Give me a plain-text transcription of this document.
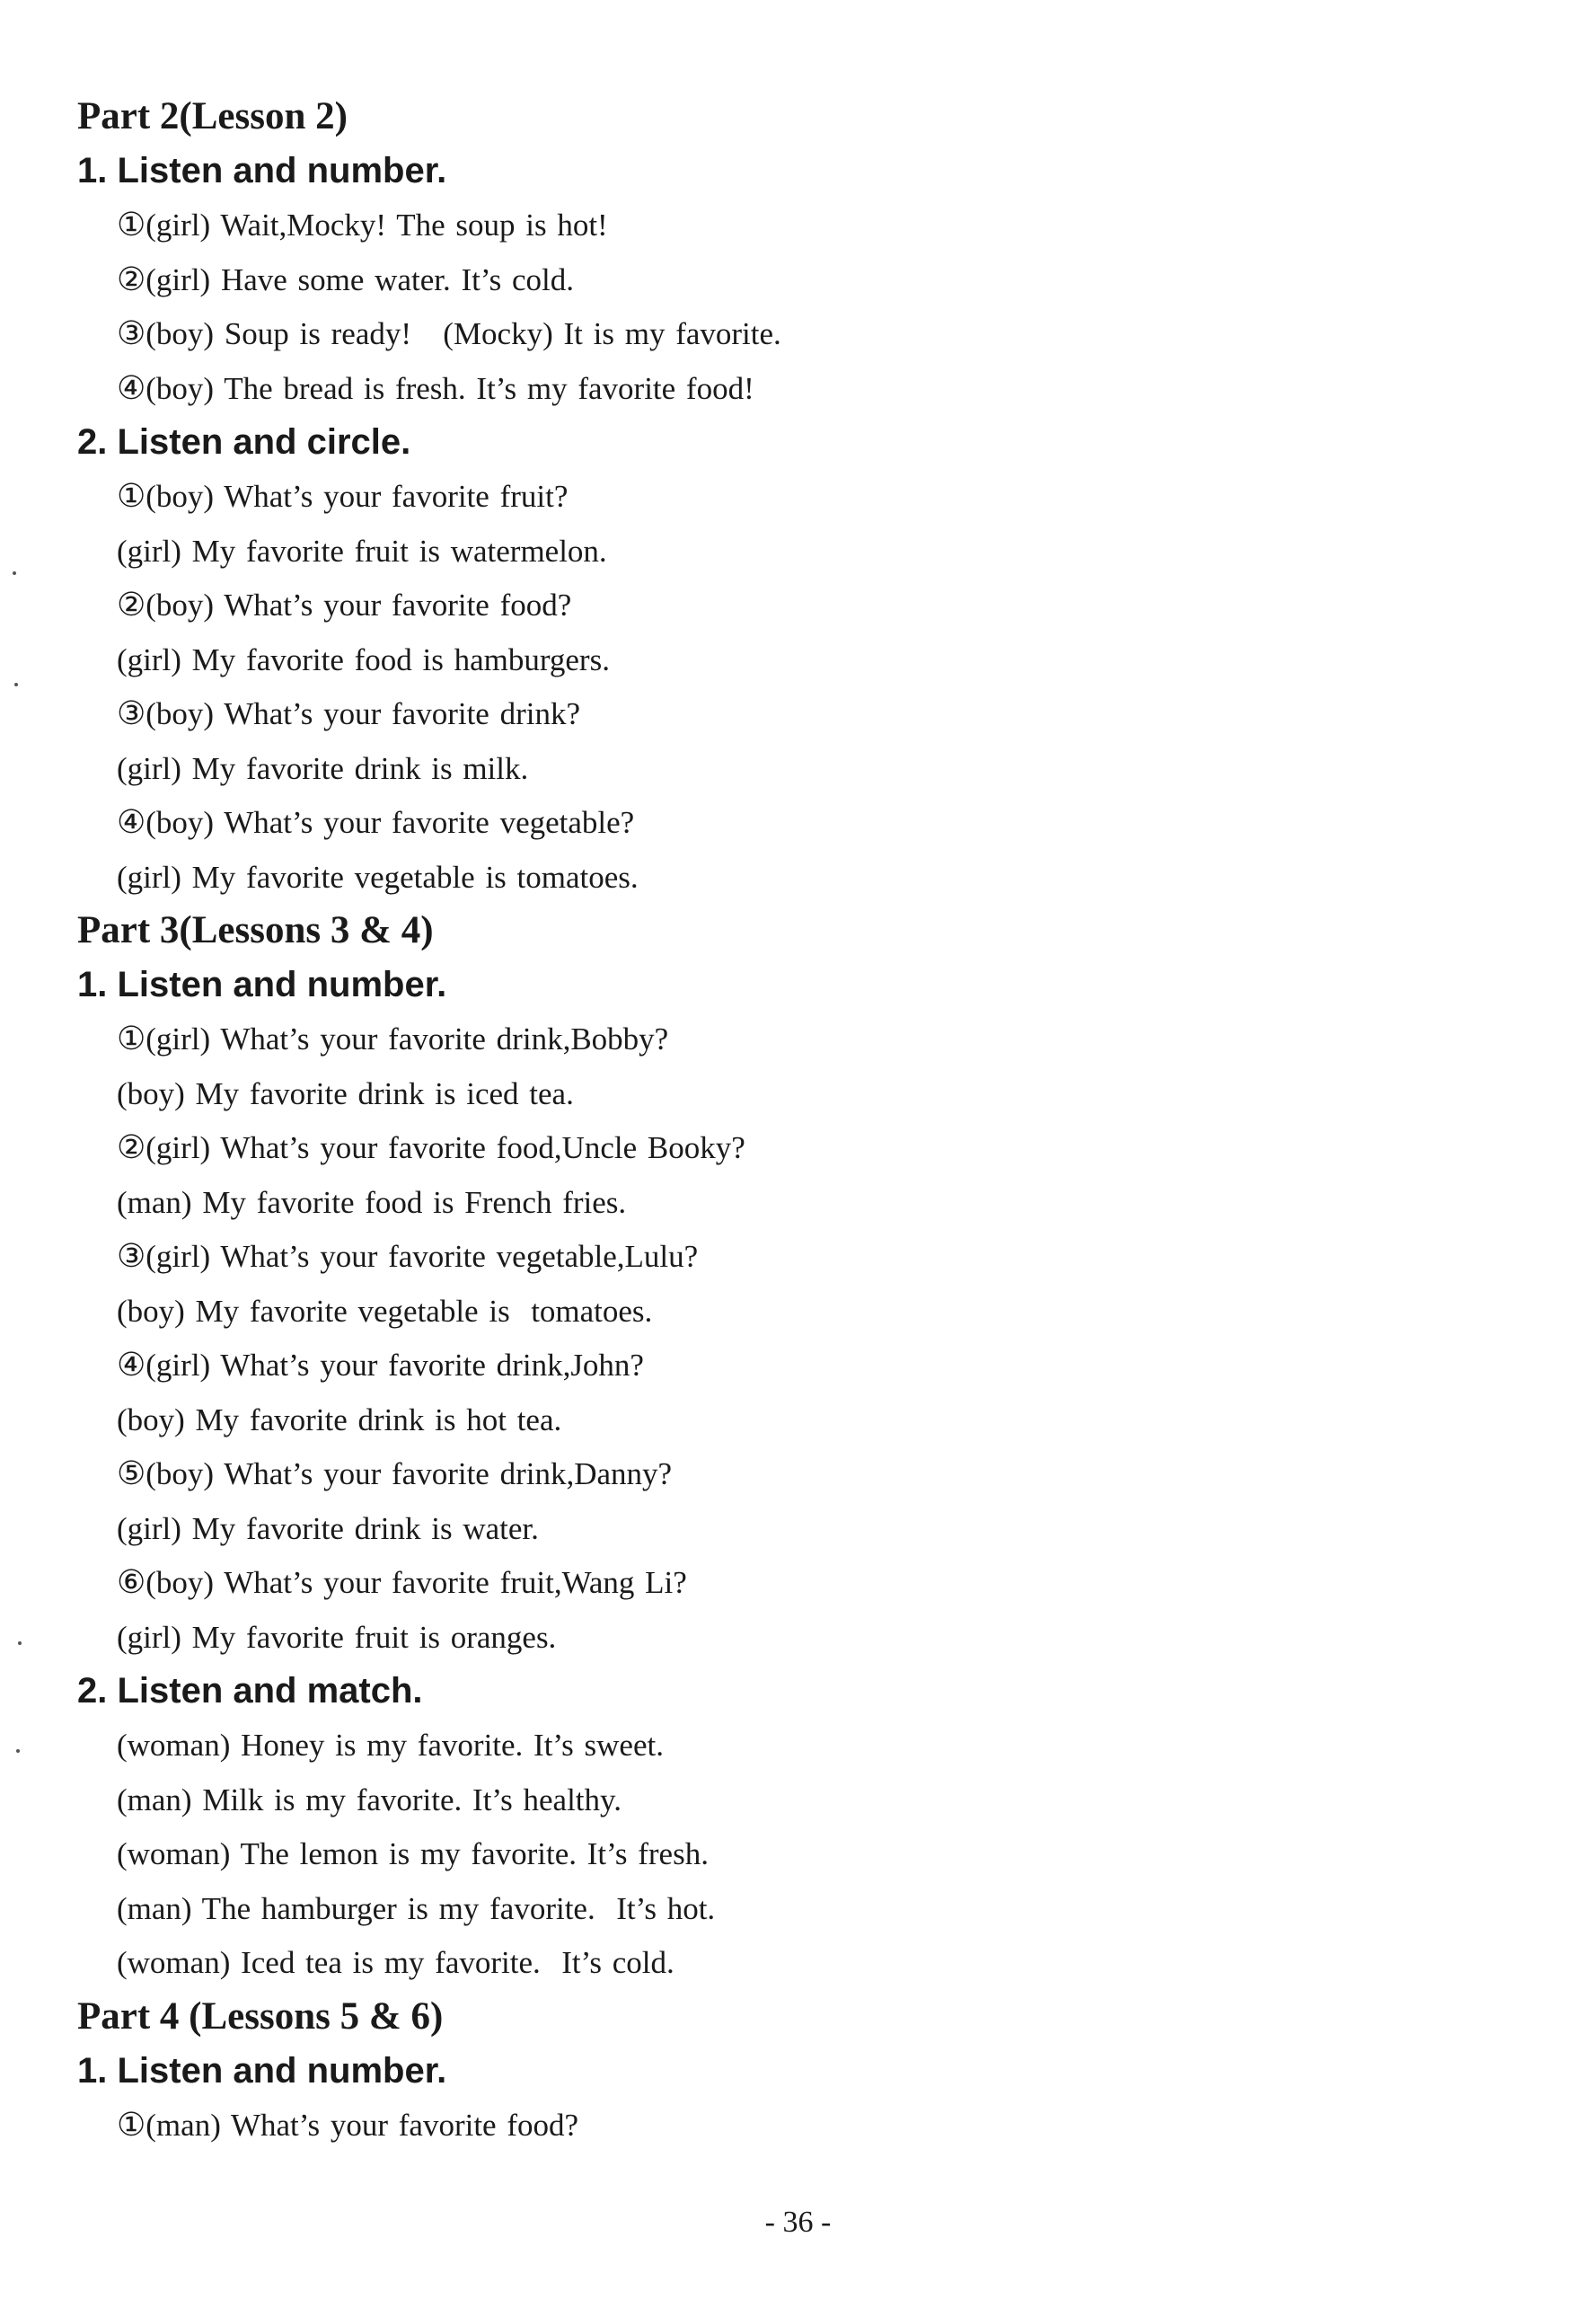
Part 2(Lesson 2)
1. Listen and number.
①(girl) Wait,Mocky! The soup is hot!
②(girl) Have some water. It’s cold.
③(boy) Soup is ready!   (Mocky) It is my favorite.
④(boy) The bread is fresh. It’s my favorite food!
2. Listen and circle.
①(boy) What’s your favorite fruit?
(girl) My favorite fruit is watermelon.
②(boy) What’s your favorite food?
(girl) My favorite food is hamburgers.
③(boy) What’s your favorite drink?
(girl) My favorite drink is milk.
④(boy) What’s your favorite vegetable?
(girl) My favorite vegetable is tomatoes.
Part 3(Lessons 3 & 4)
1. Listen and number.
①(girl) What’s your favorite drink,Bobby?
(boy) My favorite drink is iced tea.
②(girl) What’s your favorite food,Uncle Booky?
(man) My favorite food is French fries.
③(girl) What’s your favorite vegetable,Lulu?
(boy) My favorite vegetable is  tomatoes.
④(girl) What’s your favorite drink,John?
(boy) My favorite drink is hot tea.
⑤(boy) What’s your favorite drink,Danny?
(girl) My favorite drink is water.
⑥(boy) What’s your favorite fruit,Wang Li?
(girl) My favorite fruit is oranges.
2. Listen and match.
(woman) Honey is my favorite. It’s sweet.
(man) Milk is my favorite. It’s healthy.
(woman) The lemon is my favorite. It’s fresh.
(man) The hamburger is my favorite.  It’s hot.
(woman) Iced tea is my favorite.  It’s cold.
Part 4 (Lessons 5 & 6)
1. Listen and number.
①(man) What’s your favorite food?
- 36 -
